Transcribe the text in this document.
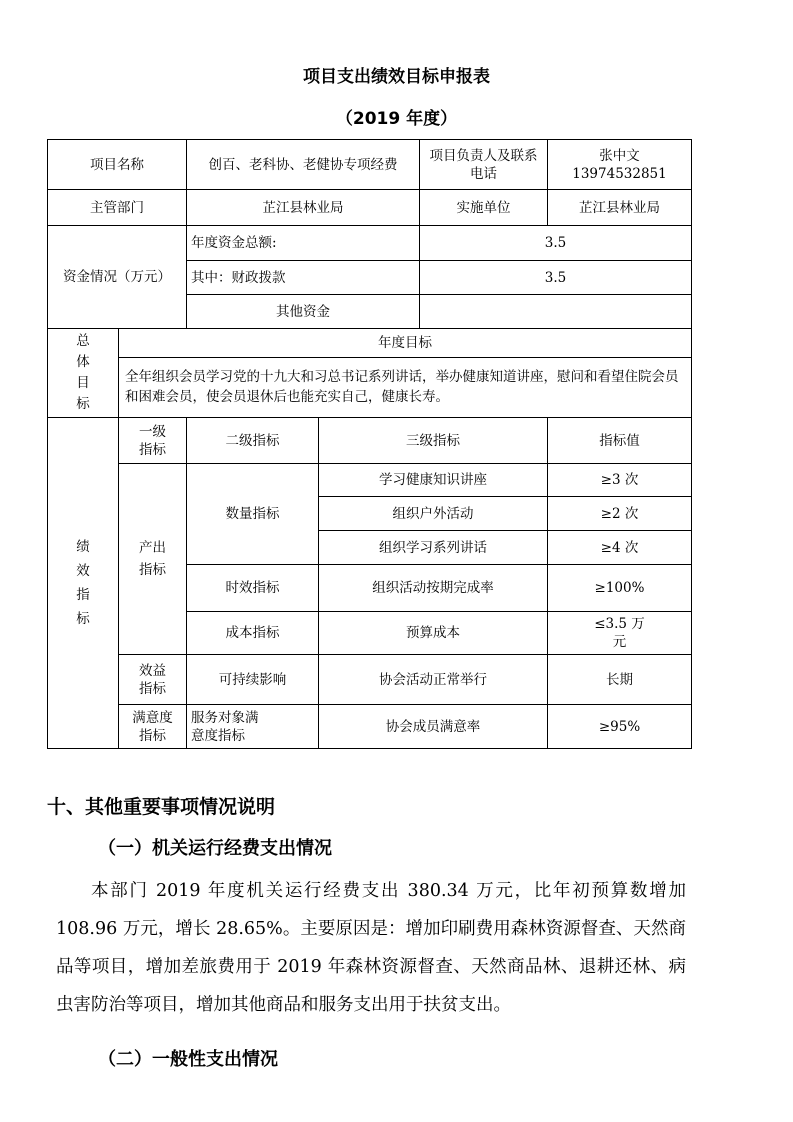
项目支出绩效目标申报表
（2019 年度）
项目名称		创百、老科协、老健协专项经费		项目负责人及联系电话	张中文 13974532851
主管部门		芷江县林业局		实施单位	芷江县林业局
资金情况（万元）		年度资金总额:		3.5	
		其中：财政拨款		3.5	
		其他资金			
总体目标	年度目标				
	全年组织会员学习党的十九大和习总书记系列讲话，举办健康知道讲座，慰问和看望住院会员和困难会员，使会员退休后也能充实自己，健康长寿。				
绩效指标	一级指标	二级指标	三级指标		指标值
	产出指标	数量指标	学习健康知识讲座		≥3 次
			组织户外活动		≥2 次
			组织学习系列讲话		≥4 次
		时效指标	组织活动按期完成率		≥100%
		成本指标	预算成本		≤3.5 万元
	效益指标	可持续影响	协会活动正常举行		长期
	满意度指标	服务对象满意度指标	协会成员满意率		≥95%
十、其他重要事项情况说明
（一）机关运行经费支出情况
本部门 2019 年度机关运行经费支出 380.34 万元，比年初预算数增加 108.96 万元，增长 28.65%。主要原因是：增加印刷费用森林资源督查、天然商品等项目，增加差旅费用于 2019 年森林资源督查、天然商品林、退耕还林、病虫害防治等项目，增加其他商品和服务支出用于扶贫支出。
（二）一般性支出情况
